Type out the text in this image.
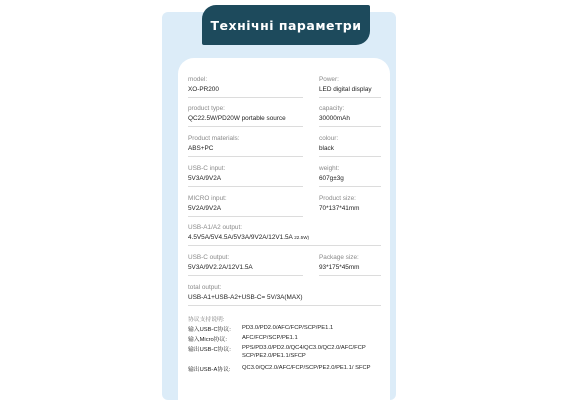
Технічні параметри
model:
XO-PR200
Power:
LED digital display
product type:
QC22.5W/PD20W portable source
capacity:
30000mAh
Product materials:
ABS+PC
colour:
black
USB-C input:
5V3A/9V2A
weight:
607g±3g
MICRO input:
5V2A/9V2A
Product size:
70*137*41mm
USB-A1/A2 output:
4.5V5A/5V4.5A/5V3A/9V2A/12V1.5A 22.5W)
USB-C output:
5V3A/9V2.2A/12V1.5A
Package size:
93*175*45mm
total output:
USB-A1+USB-A2+USB-C= 5V/3A(MAX)
协议支持说明:
输入USB-C协议:	PD3.0/PD2.0/AFC/FCP/SCP/PE1.1
输入Micro协议:	AFC/FCP/SCP/PE1.1
输出USB-C协议:	PPS/PD3.0/PD2.0/QC4/QC3.0/QC2.0/AFC/FCP SCP/PE2.0/PE1.1/SFCP
输出USB-A协议:	QC3.0/QC2.0/AFC/FCP/SCP/PE2.0/PE1.1/ SFCP
